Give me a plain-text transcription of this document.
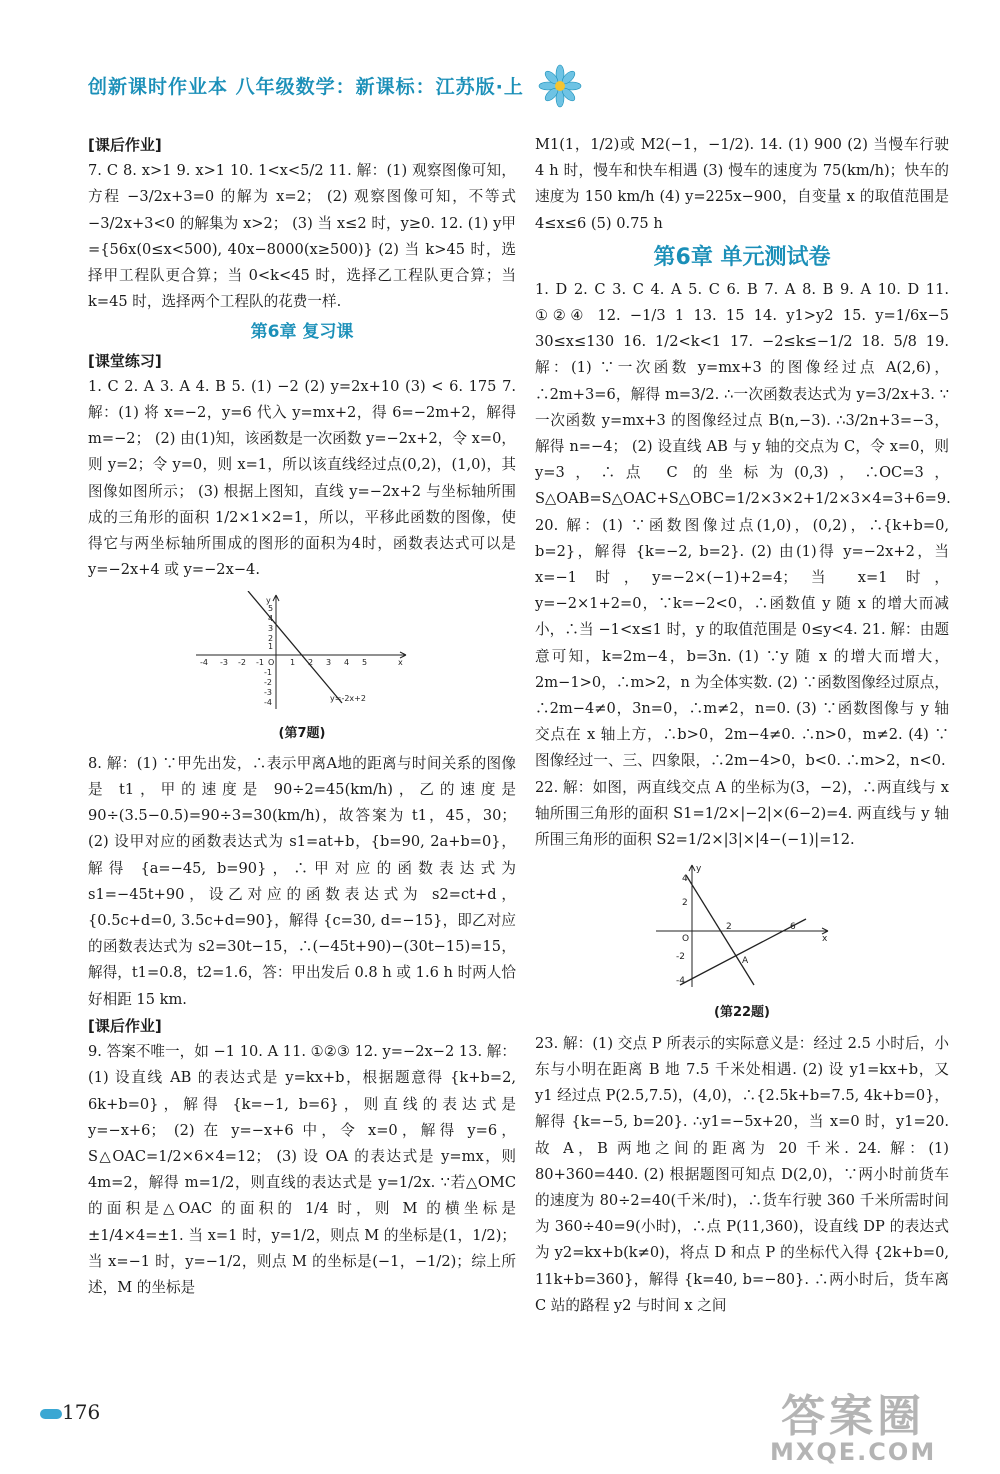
创新课时作业本 八年级数学：新课标：江苏版·上
[课后作业]

7. C 8. x>1 9. x>1 10. 1<x<5/2 11. 解：(1) 观察图像可知，方程 −3/2x+3=0 的解为 x=2； (2) 观察图像可知，不等式 −3/2x+3<0 的解集为 x>2； (3) 当 x≤2 时，y≥0. 12. (1) y甲={56x(0≤x<500), 40x−8000(x≥500)} (2) 当 k>45 时，选择甲工程队更合算；当 0<k<45 时，选择乙工程队更合算；当 k=45 时，选择两个工程队的花费一样.

第6章 复习课
[课堂练习]

1. C 2. A 3. A 4. B 5. (1) −2 (2) y=2x+10 (3) < 6. 175 7. 解：(1) 将 x=−2，y=6 代入 y=mx+2，得 6=−2m+2，解得 m=−2； (2) 由(1)知，该函数是一次函数 y=−2x+2，令 x=0，则 y=2；令 y=0，则 x=1，所以该直线经过点(0,2)，(1,0)，其图像如图所示； (3) 根据上图知，直线 y=−2x+2 与坐标轴所围成的三角形的面积 1/2×1×2=1，所以，平移此函数的图像，使得它与两坐标轴所围成的图形的面积为4时，函数表达式可以是 y=−2x+4 或 y=−2x−4.

-4 -3 -2 -1 O 1 2 3 4 5	x
y
5
4
3
2
1
-1
-2
-3
-4	y=-2x+2
(第7题)

8. 解：(1) ∵甲先出发，∴表示甲离A地的距离与时间关系的图像是 t1，甲的速度是 90÷2=45(km/h)，乙的速度是 90÷(3.5−0.5)=90÷3=30(km/h)，故答案为 t1，45，30； (2) 设甲对应的函数表达式为 s1=at+b，{b=90, 2a+b=0}，解得 {a=−45, b=90}，∴甲对应的函数表达式为 s1=−45t+90，设乙对应的函数表达式为 s2=ct+d，{0.5c+d=0, 3.5c+d=90}，解得 {c=30, d=−15}，即乙对应的函数表达式为 s2=30t−15，∴(−45t+90)−(30t−15)=15，解得，t1=0.8，t2=1.6，答：甲出发后 0.8 h 或 1.6 h 时两人恰好相距 15 km.

[课后作业]

9. 答案不唯一，如 −1 10. A 11. ①②③ 12. y=−2x−2 13. 解：(1) 设直线 AB 的表达式是 y=kx+b，根据题意得 {k+b=2, 6k+b=0}，解得 {k=−1, b=6}，则直线的表达式是 y=−x+6； (2) 在 y=−x+6 中，令 x=0，解得 y=6，S△OAC=1/2×6×4=12； (3) 设 OA 的表达式是 y=mx，则 4m=2，解得 m=1/2，则直线的表达式是 y=1/2x. ∵若△OMC 的面积是△OAC 的面积的 1/4 时，则 M 的横坐标是 ±1/4×4=±1. 当 x=1 时，y=1/2，则点 M 的坐标是(1，1/2)；当 x=−1 时，y=−1/2，则点 M 的坐标是(−1，−1/2)；综上所述，M 的坐标是

M1(1，1/2)或 M2(−1，−1/2). 14. (1) 900 (2) 当慢车行驶 4 h 时，慢车和快车相遇 (3) 慢车的速度为 75(km/h)；快车的速度为 150 km/h (4) y=225x−900，自变量 x 的取值范围是 4≤x≤6 (5) 0.75 h

第6章 单元测试卷

1. D 2. C 3. C 4. A 5. C 6. B 7. A 8. B 9. A 10. D 11. ①②④ 12. −1/3 1 13. 15 14. y1>y2 15. y=1/6x−5 30≤x≤130 16. 1/2<k<1 17. −2≤k≤−1/2 18. 5/8 19. 解：(1) ∵一次函数 y=mx+3 的图像经过点 A(2,6)，∴2m+3=6，解得 m=3/2. ∴一次函数表达式为 y=3/2x+3. ∵一次函数 y=mx+3 的图像经过点 B(n,−3). ∴3/2n+3=−3，解得 n=−4； (2) 设直线 AB 与 y 轴的交点为 C，令 x=0，则 y=3，∴点 C 的坐标为(0,3)，∴OC=3，S△OAB=S△OAC+S△OBC=1/2×3×2+1/2×3×4=3+6=9. 20. 解：(1) ∵函数图像过点(1,0)，(0,2)，∴{k+b=0, b=2}，解得 {k=−2, b=2}. (2) 由(1)得 y=−2x+2，当 x=−1 时，y=−2×(−1)+2=4；当 x=1 时，y=−2×1+2=0，∵k=−2<0，∴函数值 y 随 x 的增大而减小，∴当 −1<x≤1 时，y 的取值范围是 0≤y<4. 21. 解：由题意可知，k=2m−4，b=3n. (1) ∵y 随 x 的增大而增大，2m−1>0，∴m>2，n 为全体实数. (2) ∵函数图像经过原点，∴2m−4≠0，3n=0，∴m≠2，n=0. (3) ∵函数图像与 y 轴交点在 x 轴上方，∴b>0，2m−4≠0. ∴n>0，m≠2. (4) ∵图像经过一、三、四象限，∴2m−4>0，b<0. ∴m>2，n<0.

22. 解：如图，两直线交点 A 的坐标为(3，−2)，∴两直线与 x 轴所围三角形的面积 S1=1/2×|−2|×(6−2)=4. 两直线与 y 轴所围三角形的面积 S2=1/2×|3|×|4−(−1)|=12.

4
2
O
-2
-4
y
x
2	6
A
(第22题)

23. 解：(1) 交点 P 所表示的实际意义是：经过 2.5 小时后，小东与小明在距离 B 地 7.5 千米处相遇. (2) 设 y1=kx+b，又 y1 经过点 P(2.5,7.5)，(4,0)，∴{2.5k+b=7.5, 4k+b=0}，解得 {k=−5, b=20}. ∴y1=−5x+20，当 x=0 时，y1=20. 故 A，B 两地之间的距离为 20 千米. 24. 解：(1) 80+360=440. (2) 根据题图可知点 D(2,0)，∵两小时前货车的速度为 80÷2=40(千米/时)，∴货车行驶 360 千米所需时间为 360÷40=9(小时)，∴点 P(11,360)，设直线 DP 的表达式为 y2=kx+b(k≠0)，将点 D 和点 P 的坐标代入得 {2k+b=0, 11k+b=360}，解得 {k=40, b=−80}. ∴两小时后，货车离 C 站的路程 y2 与时间 x 之间

176	答案圈
MXQE.COM
